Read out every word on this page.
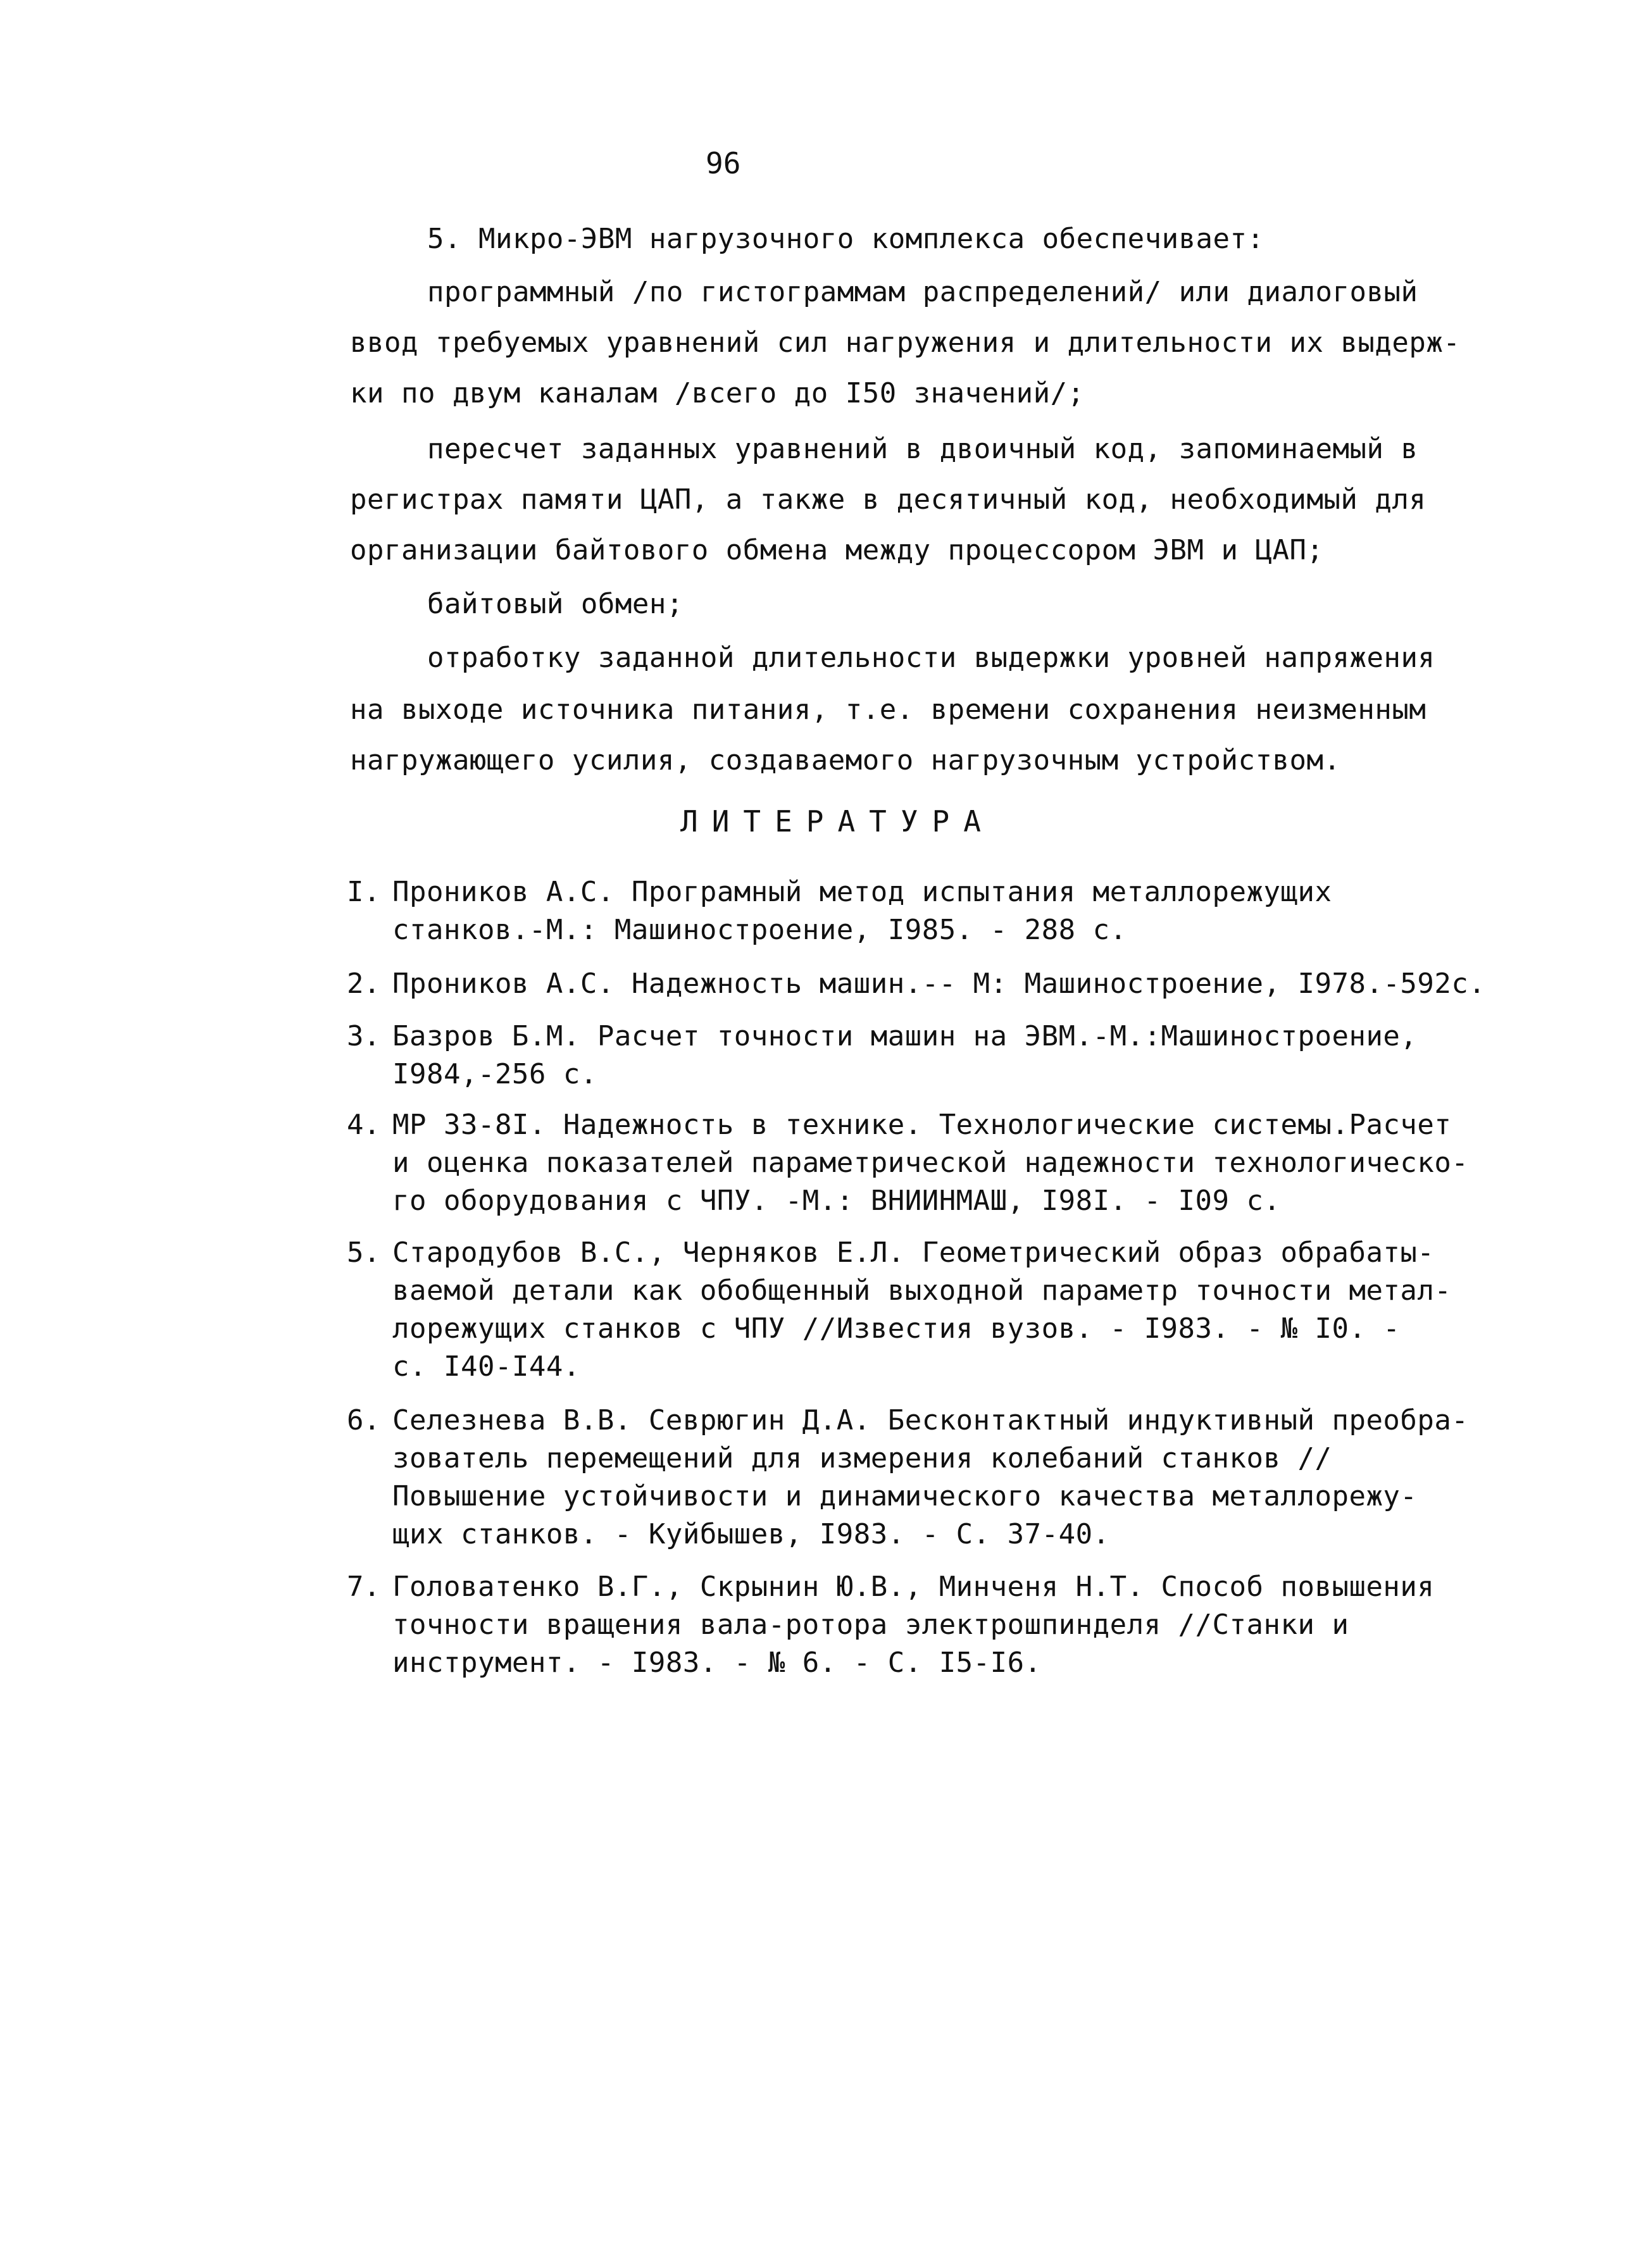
96
5. Микро-ЭВМ нагрузочного комплекса обеспечивает:
программный /по гистограммам распределений/ или диалоговый
ввод требуемых уравнений сил нагружения и длительности их выдерж-
ки по двум каналам /всего до I50 значений/;
пересчет заданных уравнений в двоичный код, запоминаемый в
регистрах памяти ЦАП, а также в десятичный код, необходимый для
организации байтового обмена между процессором ЭВМ и ЦАП;
байтовый обмен;
отработку заданной длительности выдержки уровней напряжения
на выходе источника питания, т.е. времени сохранения неизменным
нагружающего усилия, создаваемого нагрузочным устройством.
ЛИТЕРАТУРА
I. Проников А.С. Програмный метод испытания металлорежущих
станков.-М.: Машиностроение, I985. - 288 с.
2. Проников А.С. Надежность машин.-- М: Машиностроение, I978.-592с.
3. Базров Б.М. Расчет точности машин на ЭВМ.-М.:Машиностроение,
I984,-256 с.
4. МР 33-8I. Надежность в технике. Технологические системы.Расчет
и оценка показателей параметрической надежности технологическо-
го оборудования с ЧПУ. -М.: ВНИИНМАШ, I98I. - I09 с.
5. Стародубов В.С., Черняков Е.Л. Геометрический образ обрабаты-
ваемой детали как обобщенный выходной параметр точности метал-
лорежущих станков с ЧПУ //Известия вузов. - I983. - № I0. -
с. I40-I44.
6. Селезнева В.В. Севрюгин Д.А. Бесконтактный индуктивный преобра-
зователь перемещений для измерения колебаний станков //
Повышение устойчивости и динамического качества металлорежу-
щих станков. - Куйбышев, I983. - С. 37-40.
7. Головатенко В.Г., Скрынин Ю.В., Минченя Н.Т. Способ повышения
точности вращения вала-ротора электрошпинделя //Станки и
инструмент. - I983. - № 6. - С. I5-I6.
